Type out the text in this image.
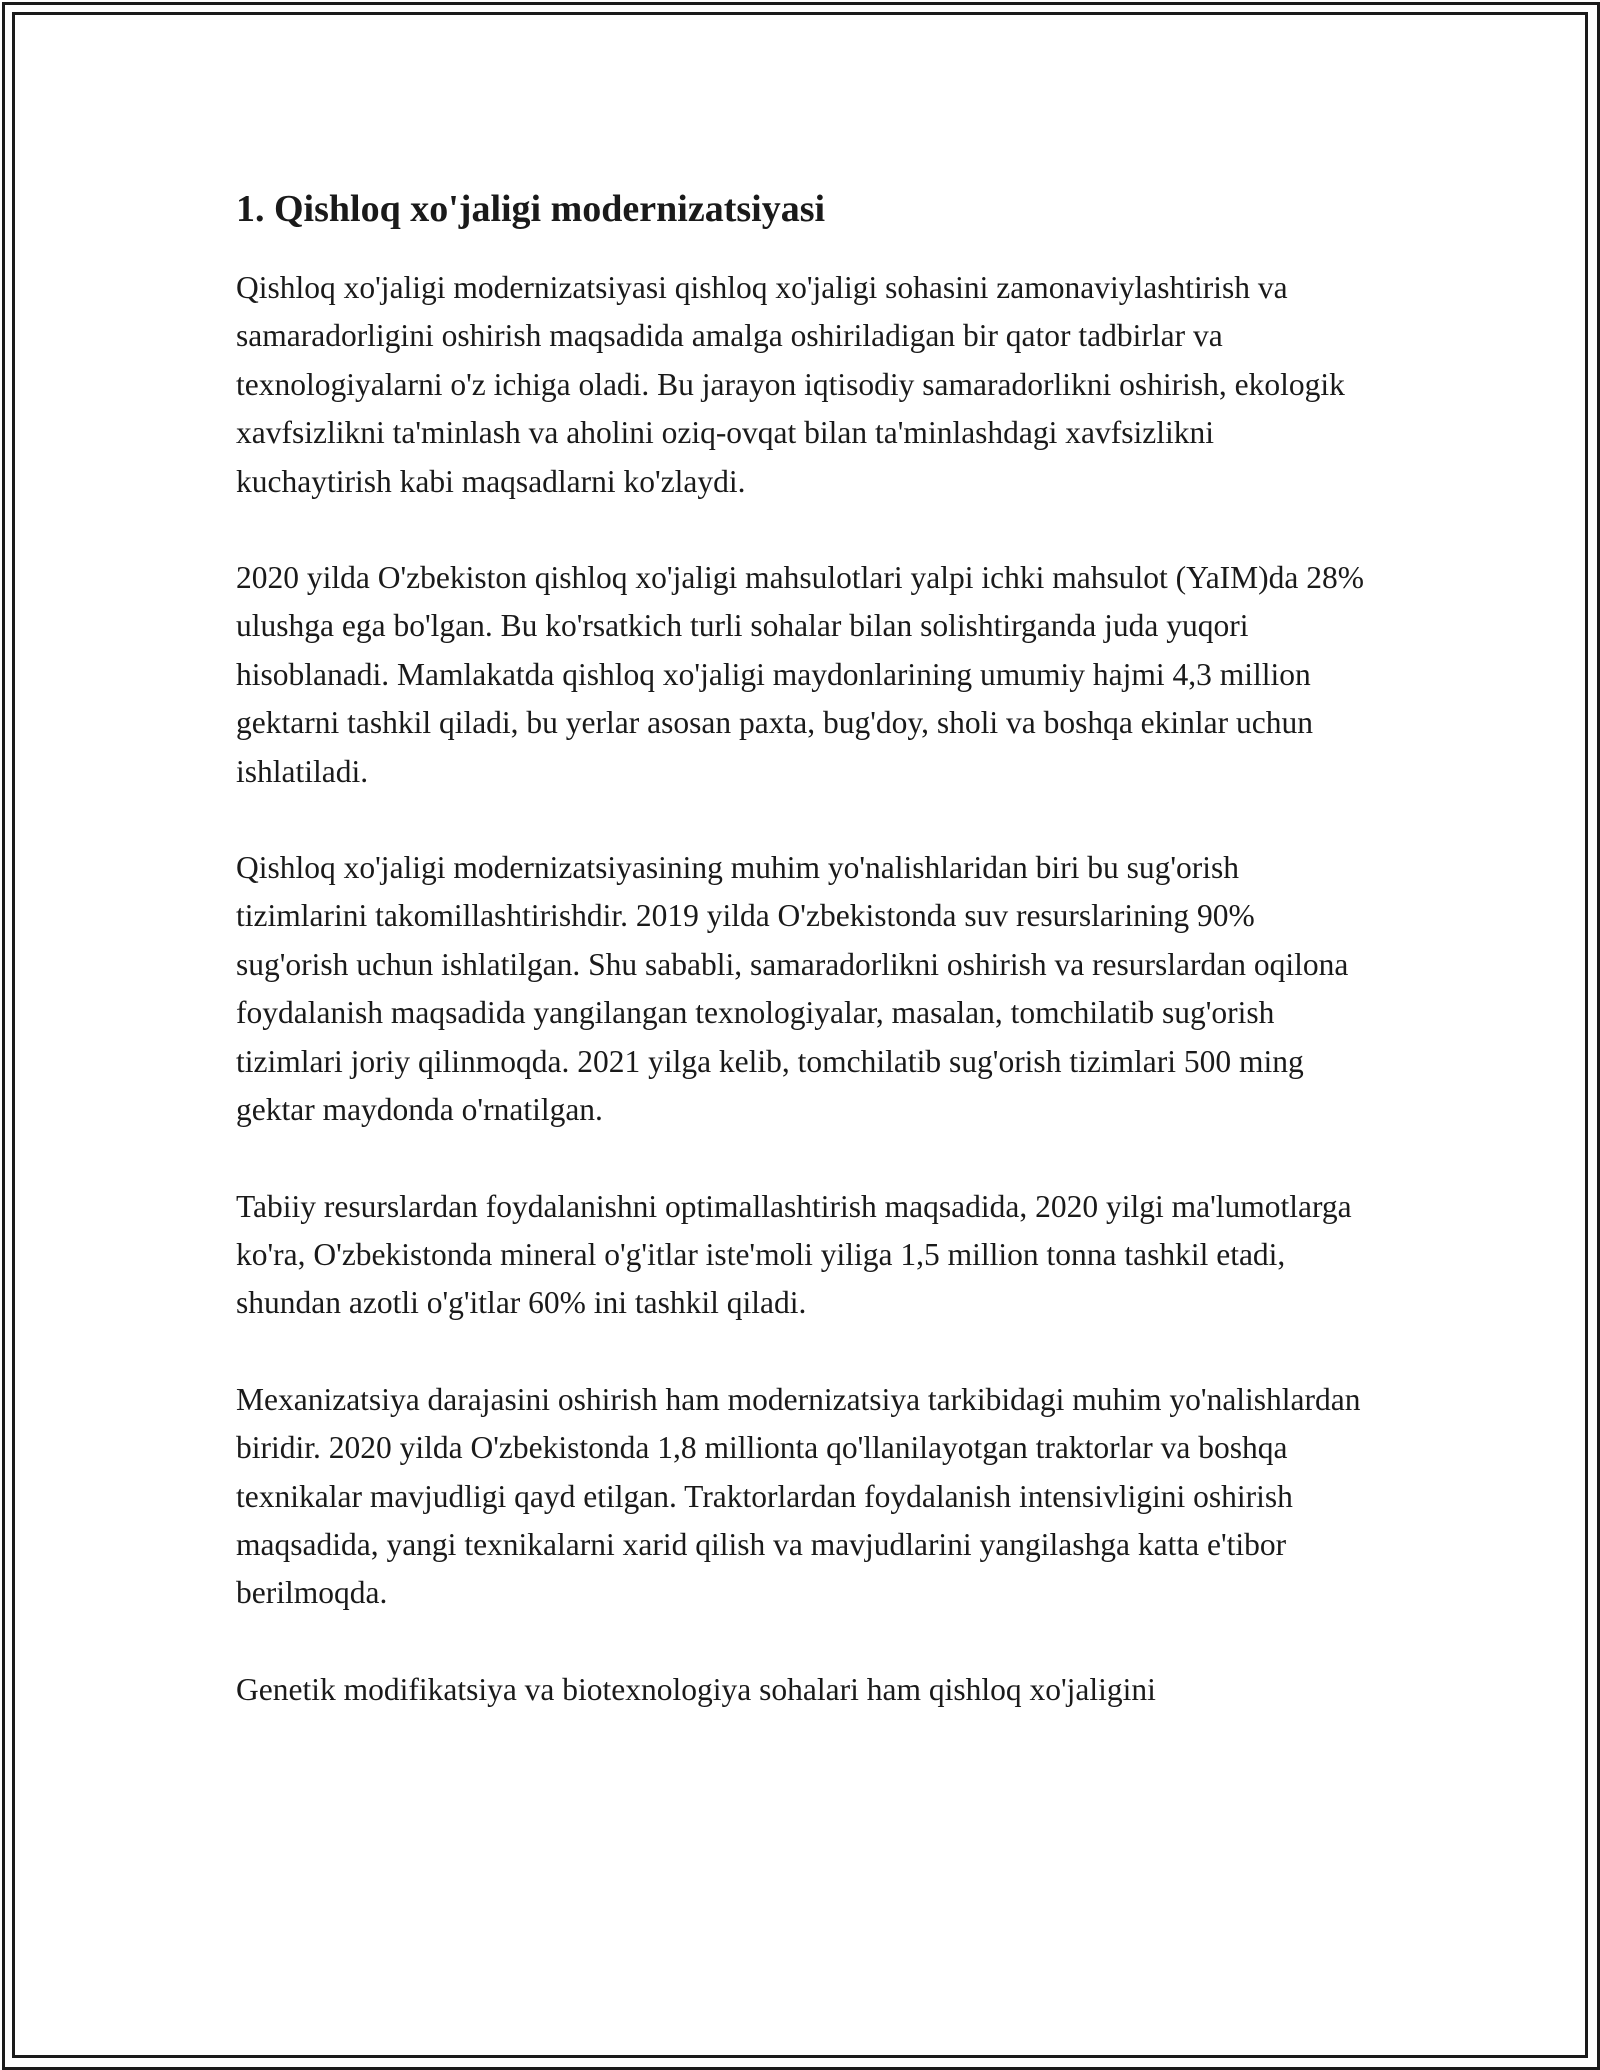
1. Qishloq xo'jaligi modernizatsiyasi

Qishloq xo'jaligi modernizatsiyasi qishloq xo'jaligi sohasini zamonaviylashtirish va samaradorligini oshirish maqsadida amalga oshiriladigan bir qator tadbirlar va texnologiyalarni o'z ichiga oladi. Bu jarayon iqtisodiy samaradorlikni oshirish, ekologik xavfsizlikni ta'minlash va aholini oziq-ovqat bilan ta'minlashdagi xavfsizlikni kuchaytirish kabi maqsadlarni ko'zlaydi.

2020 yilda O'zbekiston qishloq xo'jaligi mahsulotlari yalpi ichki mahsulot (YaIM)da 28% ulushga ega bo'lgan. Bu ko'rsatkich turli sohalar bilan solishtirganda juda yuqori hisoblanadi. Mamlakatda qishloq xo'jaligi maydonlarining umumiy hajmi 4,3 million gektarni tashkil qiladi, bu yerlar asosan paxta, bug'doy, sholi va boshqa ekinlar uchun ishlatiladi.

Qishloq xo'jaligi modernizatsiyasining muhim yo'nalishlaridan biri bu sug'orish tizimlarini takomillashtirishdir. 2019 yilda O'zbekistonda suv resurslarining 90% sug'orish uchun ishlatilgan. Shu sababli, samaradorlikni oshirish va resurslardan oqilona foydalanish maqsadida yangilangan texnologiyalar, masalan, tomchilatib sug'orish tizimlari joriy qilinmoqda. 2021 yilga kelib, tomchilatib sug'orish tizimlari 500 ming gektar maydonda o'rnatilgan.

Tabiiy resurslardan foydalanishni optimallashtirish maqsadida, 2020 yilgi ma'lumotlarga ko'ra, O'zbekistonda mineral o'g'itlar iste'moli yiliga 1,5 million tonna tashkil etadi, shundan azotli o'g'itlar 60% ini tashkil qiladi.

Mexanizatsiya darajasini oshirish ham modernizatsiya tarkibidagi muhim yo'nalishlardan biridir. 2020 yilda O'zbekistonda 1,8 millionta qo'llanilayotgan traktorlar va boshqa texnikalar mavjudligi qayd etilgan. Traktorlardan foydalanish intensivligini oshirish maqsadida, yangi texnikalarni xarid qilish va mavjudlarini yangilashga katta e'tibor berilmoqda.

Genetik modifikatsiya va biotexnologiya sohalari ham qishloq xo'jaligini
